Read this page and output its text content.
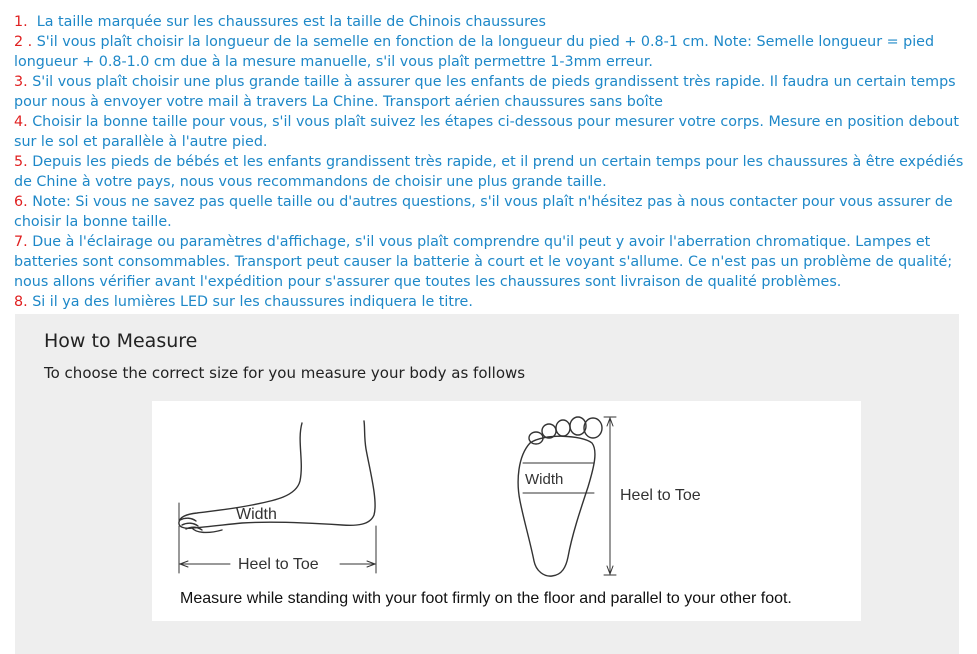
1. La taille marquée sur les chaussures est la taille de Chinois chaussures

2 . S'il vous plaît choisir la longueur de la semelle en fonction de la longueur du pied + 0.8-1 cm. Note: Semelle longueur = pied longueur + 0.8-1.0 cm due à la mesure manuelle, s'il vous plaît permettre 1-3mm erreur.

3. S'il vous plaît choisir une plus grande taille à assurer que les enfants de pieds grandissent très rapide. Il faudra un certain temps pour nous à envoyer votre mail à travers La Chine. Transport aérien chaussures sans boîte

4. Choisir la bonne taille pour vous, s'il vous plaît suivez les étapes ci-dessous pour mesurer votre corps. Mesure en position debout sur le sol et parallèle à l'autre pied.

5. Depuis les pieds de bébés et les enfants grandissent très rapide, et il prend un certain temps pour les chaussures à être expédiés de Chine à votre pays, nous vous recommandons de choisir une plus grande taille.

6. Note: Si vous ne savez pas quelle taille ou d'autres questions, s'il vous plaît n'hésitez pas à nous contacter pour vous assurer de choisir la bonne taille.

7. Due à l'éclairage ou paramètres d'affichage, s'il vous plaît comprendre qu'il peut y avoir l'aberration chromatique. Lampes et batteries sont consommables. Transport peut causer la batterie à court et le voyant s'allume. Ce n'est pas un problème de qualité; nous allons vérifier avant l'expédition pour s'assurer que toutes les chaussures sont livraison de qualité problèmes.

8. Si il ya des lumières LED sur les chaussures indiquera le titre.

How to Measure
To choose the correct size for you measure your body as follows
Width
Heel to Toe
Width
Heel to Toe
Measure while standing with your foot firmly on the floor and parallel to your other foot.
